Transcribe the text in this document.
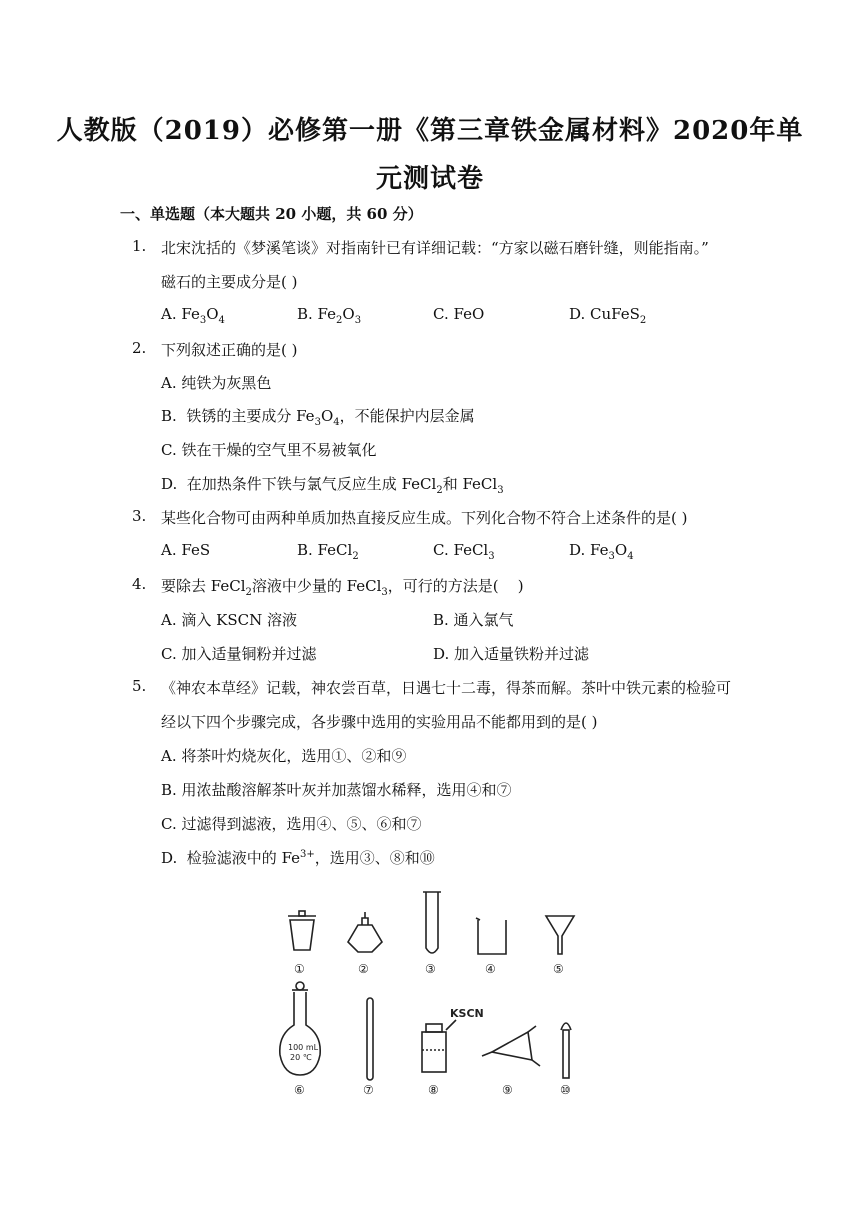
人教版（2019）必修第一册《第三章铁金属材料》2020年单
元测试卷
一、单选题（本大题共 20 小题，共 60 分）
1. 北宋沈括的《梦溪笔谈》对指南针已有详细记载：“方家以磁石磨针缝，则能指南。”
磁石的主要成分是( )
A. $Fe_3O_4$	B. $Fe_2O_3$	C. FeO	D. CuFeS$_2$
2. 下列叙述正确的是( )
A. 纯铁为灰黑色
B.  铁锈的主要成分 $Fe_3O_4$，不能保护内层金属
C. 铁在干燥的空气里不易被氧化
D.  在加热条件下铁与氯气反应生成 FeCl$_2$和 FeCl$_3$
3. 某些化合物可由两种单质加热直接反应生成。下列化合物不符合上述条件的是( )
A. FeS	B. FeCl$_2$	C. FeCl$_3$	D. $Fe_3O_4$
4. 要除去 FeCl$_2$溶液中少量的 FeCl$_3$，可行的方法是(    )
A. 滴入 KSCN 溶液	B. 通入氯气
C. 加入适量铜粉并过滤	D. 加入适量铁粉并过滤
5. 《神农本草经》记载，神农尝百草，日遇七十二毒，得茶而解。茶叶中铁元素的检验可
经以下四个步骤完成，各步骤中选用的实验用品不能都用到的是( )
A. 将茶叶灼烧灰化，选用①、②和⑨
B. 用浓盐酸溶解茶叶灰并加蒸馏水稀释，选用④和⑦
C. 过滤得到滤液，选用④、⑤、⑥和⑦
D.  检验滤液中的 $Fe^{3+}$，选用③、⑧和⑩
①	②	③	④	⑤
⑥	⑦	⑧	⑨	⑩
100 mL
20 ℃
KSCN
